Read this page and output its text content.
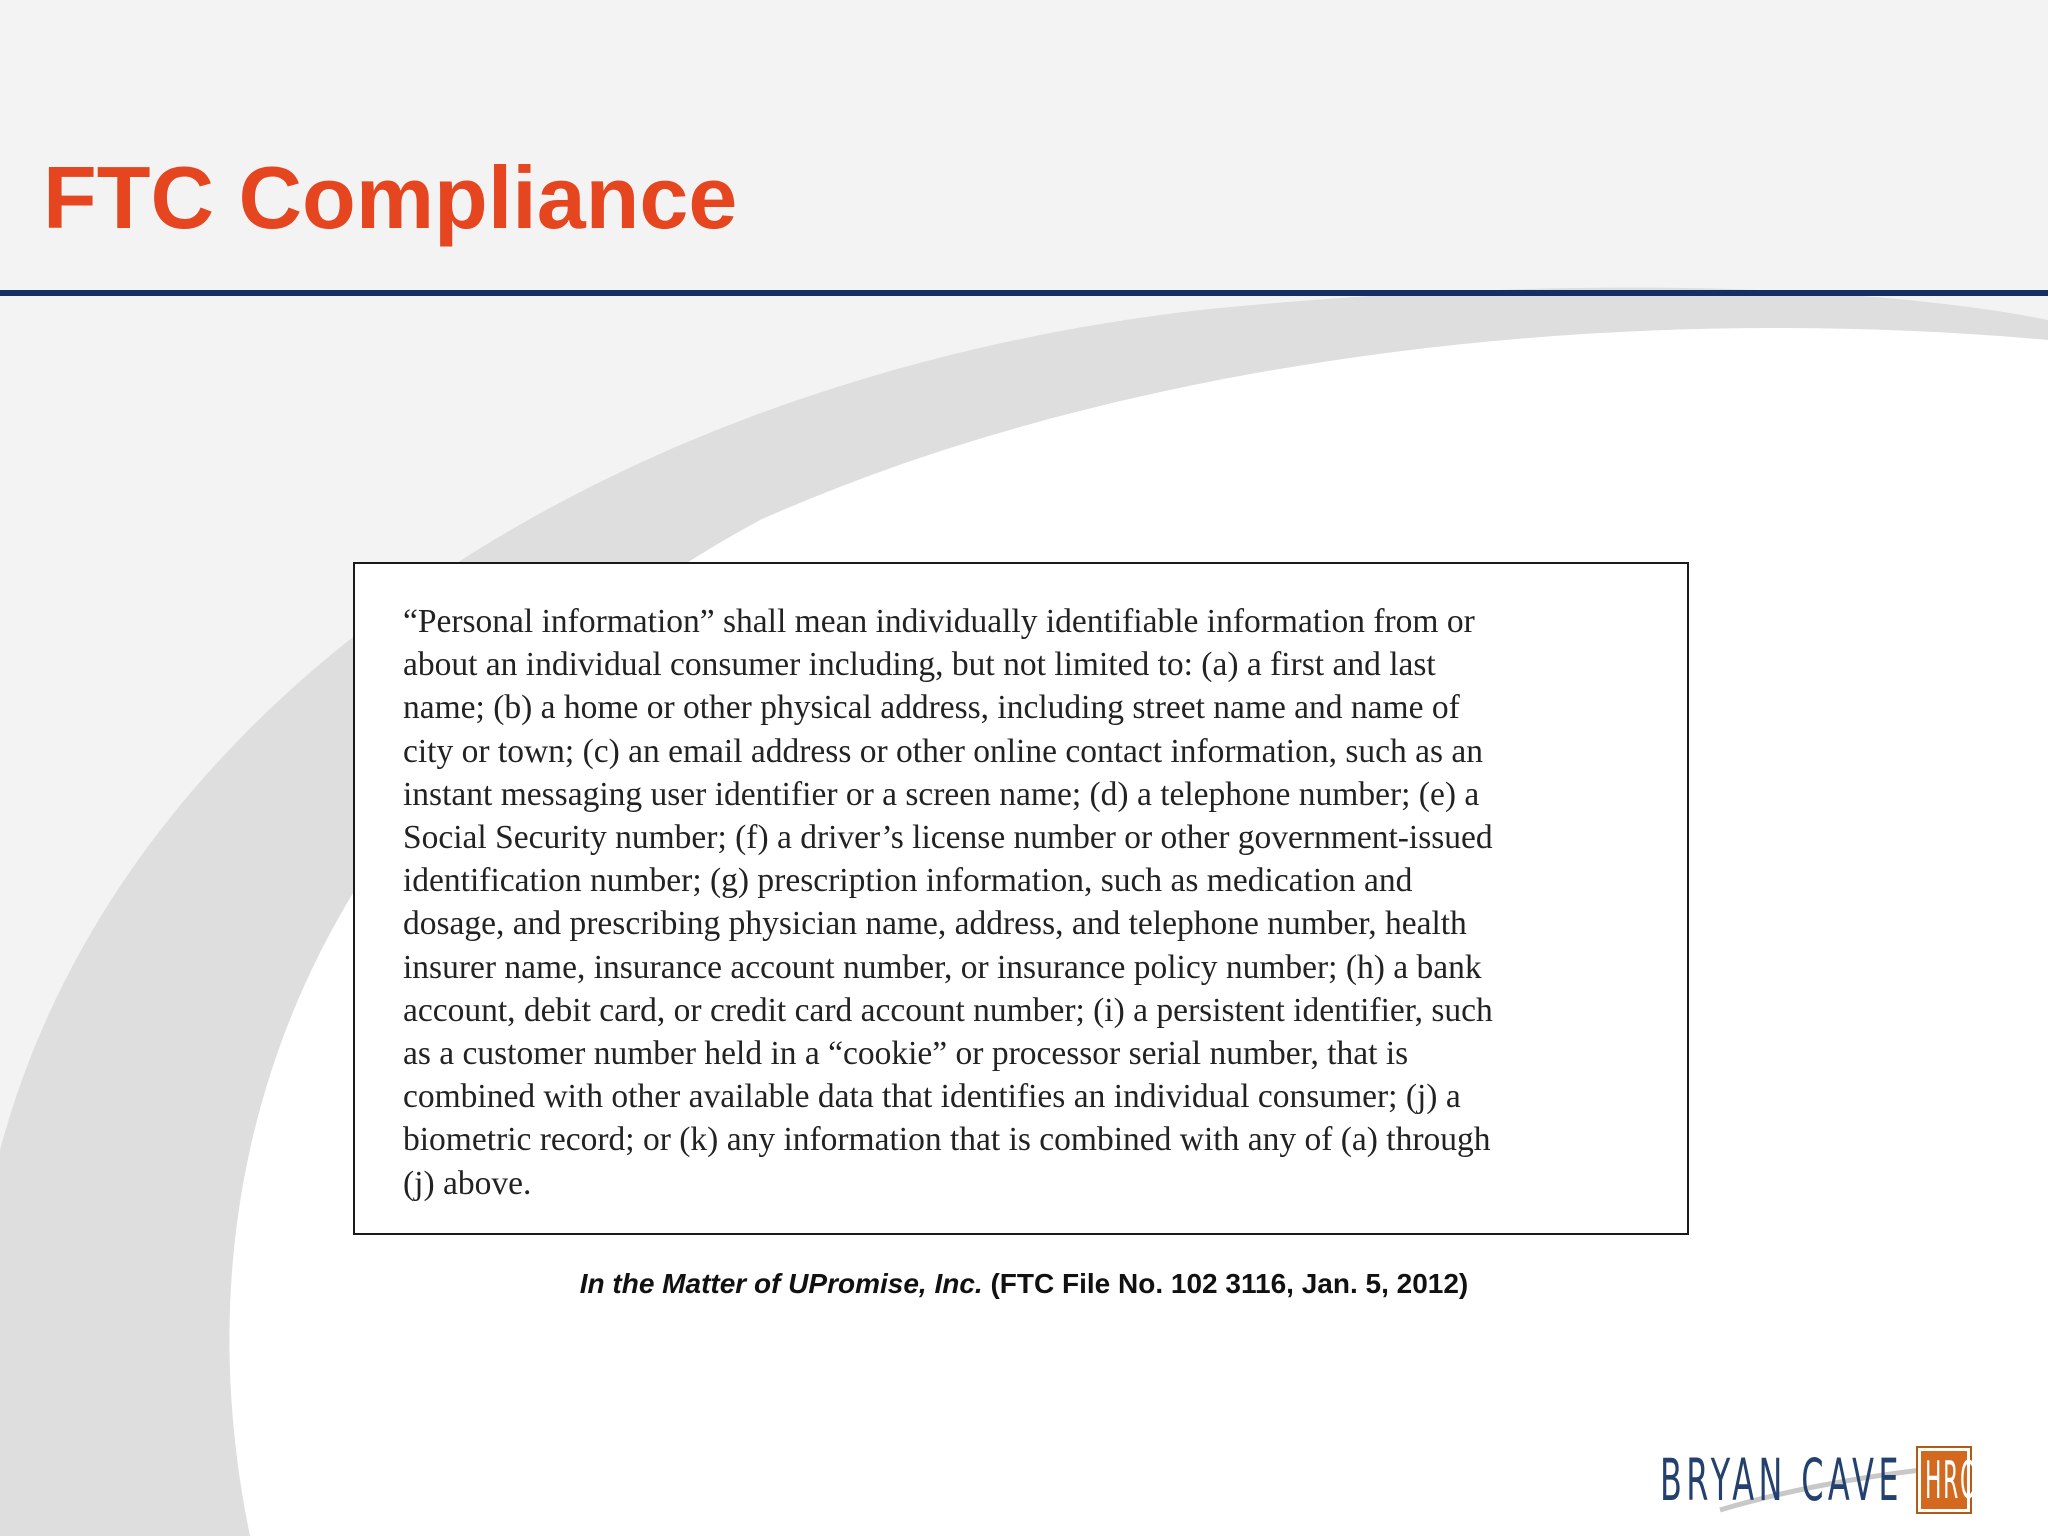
FTC Compliance

“Personal information” shall mean individually identifiable information from or
about an individual consumer including, but not limited to: (a) a first and last
name; (b) a home or other physical address, including street name and name of
city or town; (c) an email address or other online contact information, such as an
instant messaging user identifier or a screen name; (d) a telephone number; (e) a
Social Security number; (f) a driver’s license number or other government-issued
identification number; (g) prescription information, such as medication and
dosage, and prescribing physician name, address, and telephone number, health
insurer name, insurance account number, or insurance policy number; (h) a bank
account, debit card, or credit card account number; (i) a persistent identifier, such
as a customer number held in a “cookie” or processor serial number, that is
combined with other available data that identifies an individual consumer; (j) a
biometric record; or (k) any information that is combined with any of (a) through
(j) above.

In the Matter of UPromise, Inc. (FTC File No. 102 3116, Jan. 5, 2012)

BRYAN CAVE HRO
